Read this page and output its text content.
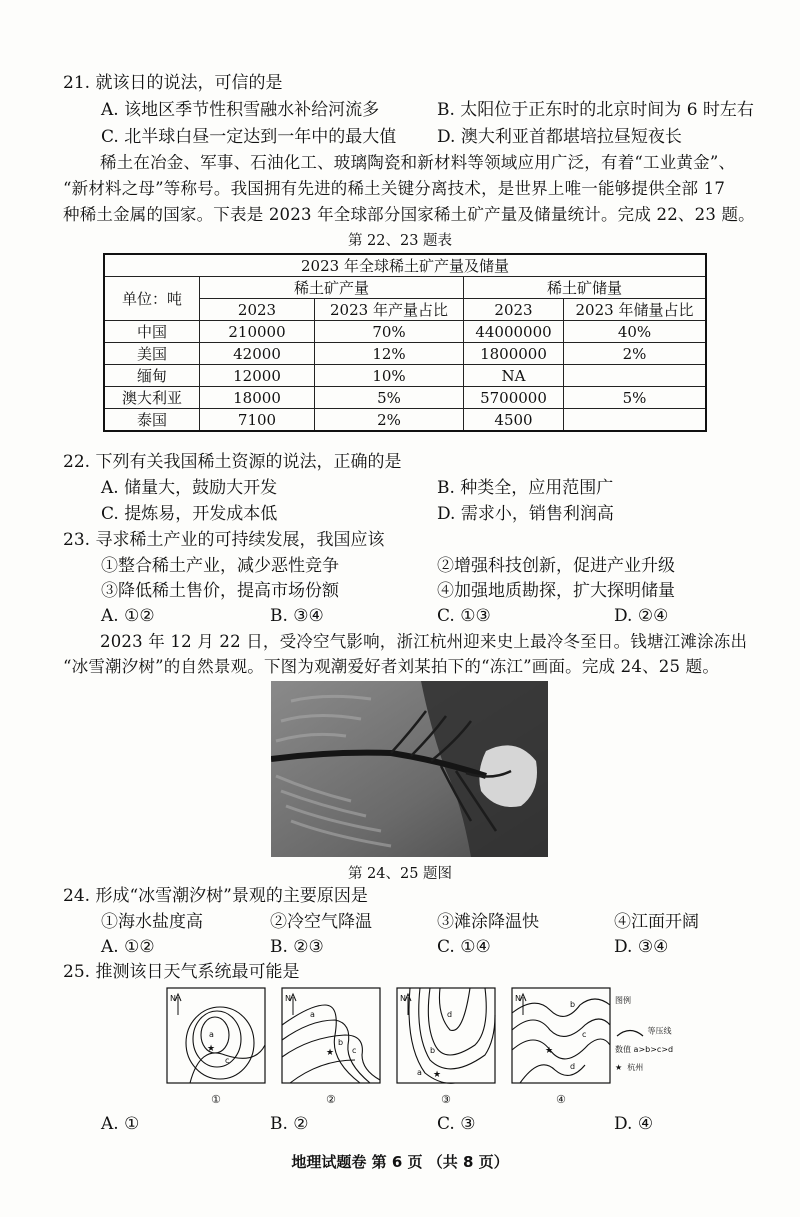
21. 就该日的说法，可信的是
A. 该地区季节性积雪融水补给河流多	B. 太阳位于正东时的北京时间为 6 时左右
C. 北半球白昼一定达到一年中的最大值 D. 澳大利亚首都堪培拉昼短夜长
稀土在冶金、军事、石油化工、玻璃陶瓷和新材料等领域应用广泛，有着“工业黄金”、
“新材料之母”等称号。我国拥有先进的稀土关键分离技术，是世界上唯一能够提供全部 17
种稀土金属的国家。下表是 2023 年全球部分国家稀土矿产量及储量统计。完成 22、23 题。
第 22、23 题表
2023 年全球稀土矿产量及储量				
单位：吨	稀土矿产量		稀土矿储量	
	2023	2023 年产量占比	2023	2023 年储量占比
中国	210000	70%	44000000	40%
美国	42000	12%	1800000	2%
缅甸	12000	10%	NA	
澳大利亚	18000	5%	5700000	5%
泰国	7100	2%	4500	
22. 下列有关我国稀土资源的说法，正确的是
A. 储量大，鼓励大开发	B. 种类全，应用范围广
C. 提炼易，开发成本低	D. 需求小，销售利润高
23. 寻求稀土产业的可持续发展，我国应该
①整合稀土产业，减少恶性竞争	②增强科技创新，促进产业升级
③降低稀土售价，提高市场份额	④加强地质勘探，扩大探明储量
A. ①②	B. ③④	C. ①③	D. ②④
2023 年 12 月 22 日，受冷空气影响，浙江杭州迎来史上最冷冬至日。钱塘江滩涂冻出
“冰雪潮汐树”的自然景观。下图为观潮爱好者刘某拍下的“冻江”画面。完成 24、25 题。
第 24、25 题图
24. 形成“冰雪潮汐树”景观的主要原因是
①海水盐度高	②冷空气降温	③滩涂降温快	④江面开阔
A. ①②	B. ②③	C. ①④	D. ③④
25. 推测该日天气系统最可能是
N
a
c
★
N
a
b
c
★
N
d
b
a ★
N
b
c
d
★
①	②	③	④
图例
等压线
数值 a>b>c>d
★ 杭州
A. ①	B. ②	C. ③	D. ④
地理试题卷 第 6 页 （共 8 页）
